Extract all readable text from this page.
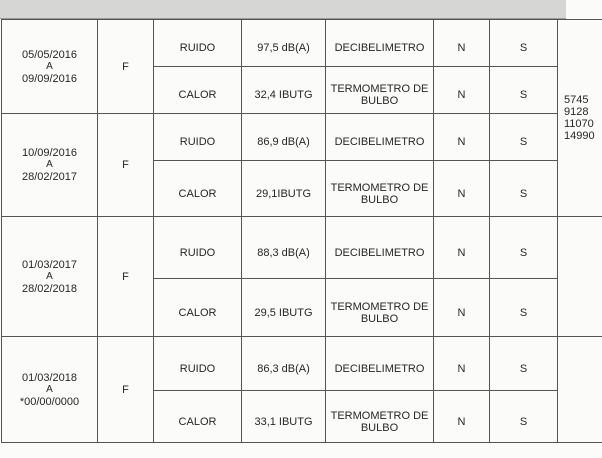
05/05/2016
A
09/09/2016	F	RUIDO	97,5 dB(A)	DECIBELIMETRO	N	S	5745
9128
11070
14990

		CALOR	32,4 IBUTG	TERMOMETRO DE
BULBO	N	S	

10/09/2016
A
28/02/2017	F	RUIDO	86,9 dB(A)	DECIBELIMETRO	N	S	
		CALOR	29,1IBUTG	TERMOMETRO DE
BULBO	N	S	

01/03/2017
A
28/02/2018	F	RUIDO	88,3 dB(A)	DECIBELIMETRO	N	S	
		CALOR	29,5 IBUTG	TERMOMETRO DE
BULBO	N	S	

01/03/2018
A
*00/00/0000	F	RUIDO	86,3 dB(A)	DECIBELIMETRO	N	S	
		CALOR	33,1 IBUTG	TERMOMETRO DE
BULBO	N	S	
